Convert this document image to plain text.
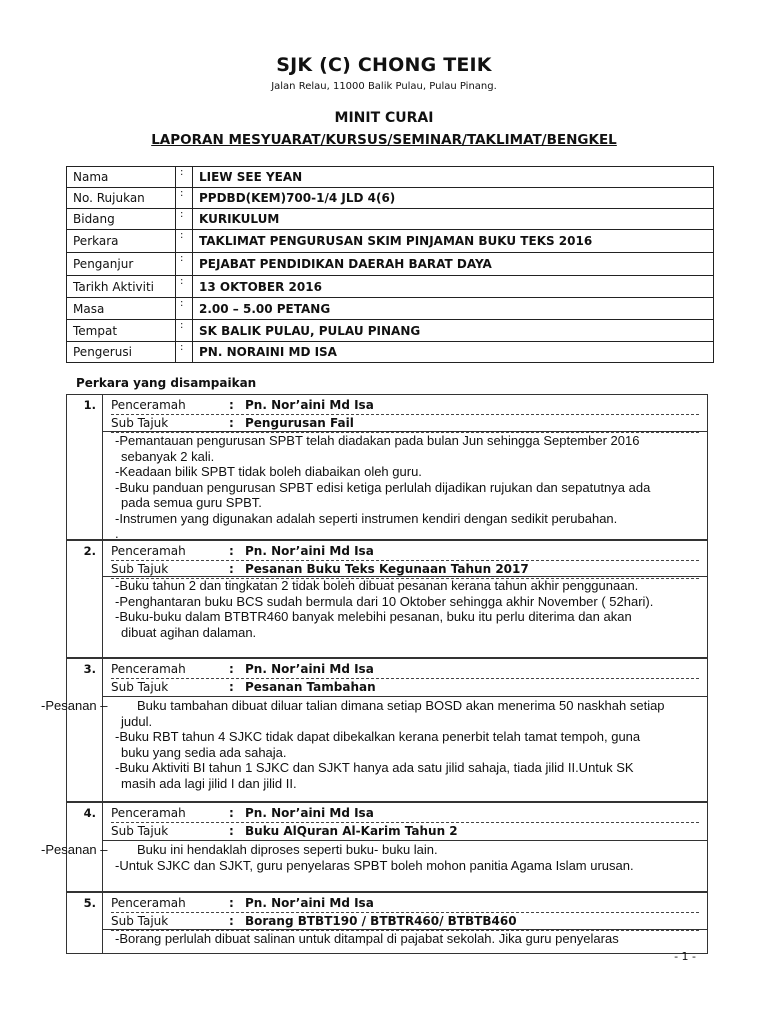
SJK (C) CHONG TEIK
Jalan Relau, 11000 Balik Pulau, Pulau Pinang.
MINIT CURAI
LAPORAN MESYUARAT/KURSUS/SEMINAR/TAKLIMAT/BENGKEL
Nama	:	LIEW SEE YEAN
No. Rujukan	:	PPDBD(KEM)700-1/4 JLD 4(6)
Bidang	:	KURIKULUM
Perkara	:	TAKLIMAT PENGURUSAN SKIM PINJAMAN BUKU TEKS 2016
Penganjur	:	PEJABAT PENDIDIKAN DAERAH BARAT DAYA
Tarikh Aktiviti	:	13 OKTOBER 2016
Masa	:	2.00 – 5.00 PETANG
Tempat	:	SK BALIK PULAU, PULAU PINANG
Pengerusi	:	PN. NORAINI MD ISA
Perkara yang disampaikan
1.	Penceramah	: Pn. Nor’aini Md Isa
Sub Tajuk	: Pengurusan Fail

-Pemantauan pengurusan SPBT telah diadakan pada bulan Jun sehingga September 2016

sebanyak 2 kali.

-Keadaan bilik SPBT tidak boleh diabaikan oleh guru.

-Buku panduan pengurusan SPBT edisi ketiga perlulah dijadikan rujukan dan sepatutnya ada

pada semua guru SPBT.

-Instrumen yang digunakan adalah seperti instrumen kendiri dengan sedikit perubahan.

.

2.	Penceramah	: Pn. Nor’aini Md Isa
Sub Tajuk	: Pesanan Buku Teks Kegunaan Tahun 2017

-Buku tahun 2 dan tingkatan 2 tidak boleh dibuat pesanan kerana tahun akhir penggunaan.

-Penghantaran buku BCS sudah bermula dari 10 Oktober sehingga akhir November ( 52hari).

-Buku-buku dalam BTBTR460 banyak melebihi pesanan, buku itu perlu diterima dan akan

dibuat agihan dalaman.

3.	Penceramah	: Pn. Nor’aini Md Isa
Sub Tajuk	: Pesanan Tambahan

Buku tambahan dibuat diluar talian dimana setiap BOSD akan menerima 50 naskhah setiap

judul.

-Buku RBT tahun 4 SJKC tidak dapat dibekalkan kerana penerbit telah tamat tempoh, guna

buku yang sedia ada sahaja.

-Buku Aktiviti BI tahun 1 SJKC dan SJKT hanya ada satu jilid sahaja, tiada jilid II.Untuk SK

masih ada lagi jilid I dan jilid II.

-Pesanan –
4.	Penceramah	: Pn. Nor’aini Md Isa
Sub Tajuk	: Buku AlQuran Al-Karim Tahun 2

Buku ini hendaklah diproses seperti buku- buku lain.

-Untuk SJKC dan SJKT, guru penyelaras SPBT boleh mohon panitia Agama Islam urusan.

-Pesanan –
5.	Penceramah	: Pn. Nor’aini Md Isa
Sub Tajuk	: Borang BTBT190 / BTBTR460/ BTBTB460

-Borang perlulah dibuat salinan untuk ditampal di pajabat sekolah. Jika guru penyelaras

- 1 -
